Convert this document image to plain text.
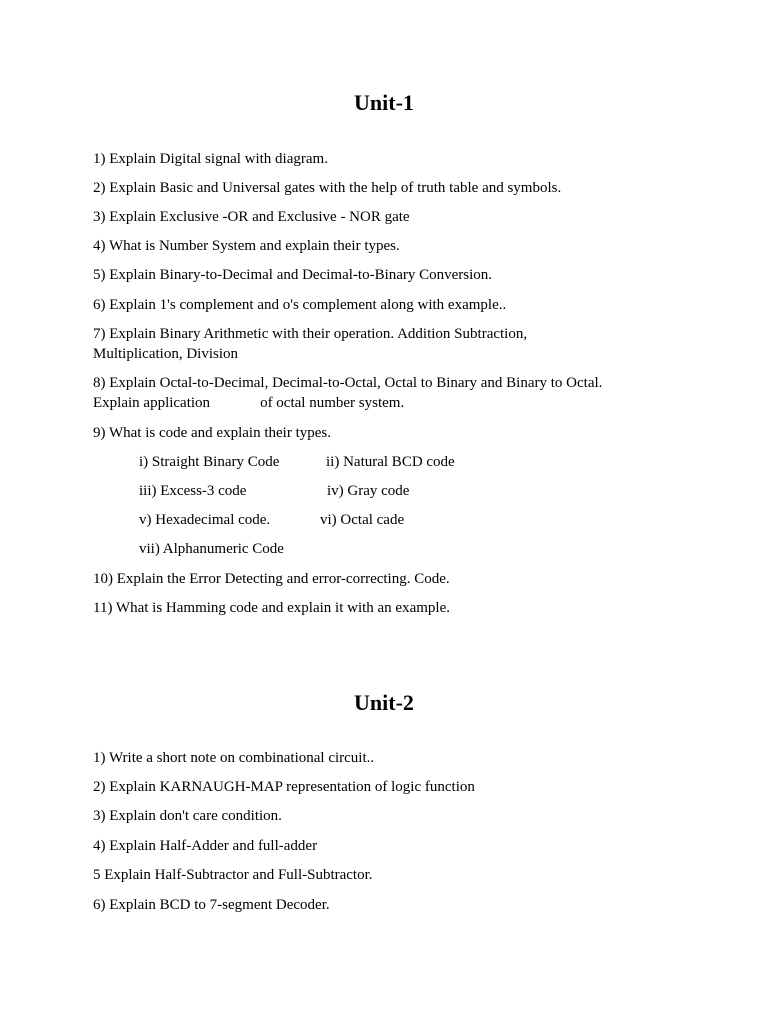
Unit-1

1) Explain Digital signal with diagram.

2) Explain Basic and Universal gates with the help of truth table and symbols.

3) Explain Exclusive -OR and Exclusive - NOR gate

4) What is Number System and explain their types.

5) Explain Binary-to-Decimal and Decimal-to-Binary Conversion.

6) Explain 1's complement and o's complement along with example..

7) Explain Binary Arithmetic with their operation. Addition Subtraction,

Multiplication, Division

8) Explain Octal-to-Decimal, Decimal-to-Octal, Octal to Binary and Binary to Octal.

Explain application	of octal number system.

9) What is code and explain their types.

i) Straight Binary Code	ii) Natural BCD code

iii) Excess-3 code	iv) Gray code

v) Hexadecimal code.	vi) Octal cade

vii) Alphanumeric Code

10) Explain the Error Detecting and error-correcting. Code.

11) What is Hamming code and explain it with an example.

Unit-2

1) Write a short note on combinational circuit..

2) Explain KARNAUGH-MAP representation of logic function

3) Explain don't care condition.

4) Explain Half-Adder and full-adder

5 Explain Half-Subtractor and Full-Subtractor.

6) Explain BCD to 7-segment Decoder.
